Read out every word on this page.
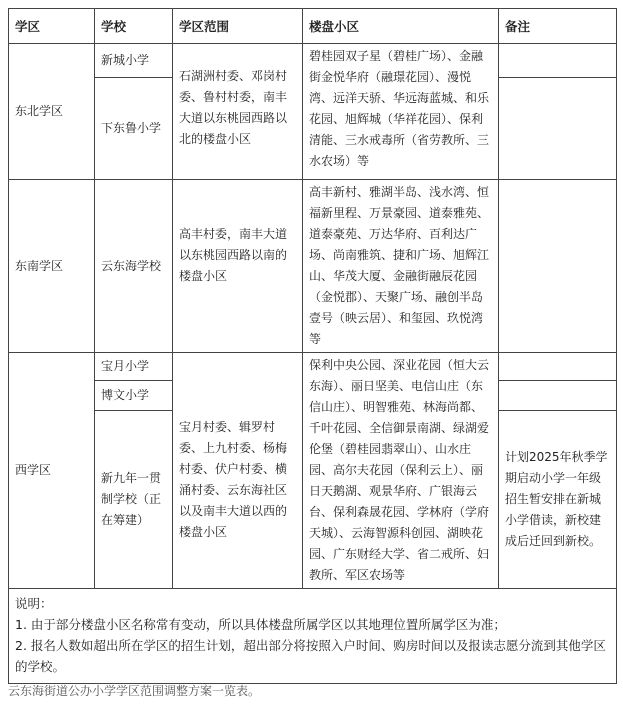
学区	学校	学区范围	楼盘小区	备注
东北学区	新城小学	石湖洲村委、邓岗村委、鲁村村委，南丰大道以东桃园西路以北的楼盘小区	碧桂园双子星（碧桂广场）、金融街金悦华府（融璟花园）、漫悦湾、远洋天骄、华远海蓝城、和乐花园、旭辉城（华祥花园）、保利清能、三水戒毒所（省劳教所、三水农场）等	
	下东鲁小学			
东南学区	云东海学校	高丰村委，南丰大道以东桃园西路以南的楼盘小区	高丰新村、雅湖半岛、浅水湾、恒福新里程、万景豪园、道泰雅苑、道泰豪苑、万达华府、百利达广场、尚南雅筑、捷和广场、旭辉江山、华茂大厦、金融街融辰花园（金悦郡）、天聚广场、融创半岛壹号（映云居）、和玺园、玖悦湾等	
西学区	宝月小学	宝月村委、辑罗村委、上九村委、杨梅村委、伏户村委、横涌村委、云东海社区以及南丰大道以西的楼盘小区	保利中央公园、深业花园（恒大云东海）、丽日坚美、电信山庄（东信山庄）、明智雅苑、林海尚都、千叶花园、全信御景南湖、绿湖爱伦堡（碧桂园翡翠山）、山水庄园、高尔夫花园（保利云上）、丽日天鹅湖、观景华府、广银海云台、保利森晟花园、学林府（学府天城）、云海智源科创园、湖映花园、广东财经大学、省二戒所、妇教所、军区农场等	
	博文小学			
	新九年一贯制学校（正在筹建）			计划2025年秋季学期启动小学一年级招生暂安排在新城小学借读，新校建成后迁回到新校。

说明：
1. 由于部分楼盘小区名称常有变动，所以具体楼盘所属学区以其地理位置所属学区为准；
2. 报名人数如超出所在学区的招生计划，超出部分将按照入户时间、购房时间以及报读志愿分流到其他学区的学校。				
云东海街道公办小学学区范围调整方案一览表。
